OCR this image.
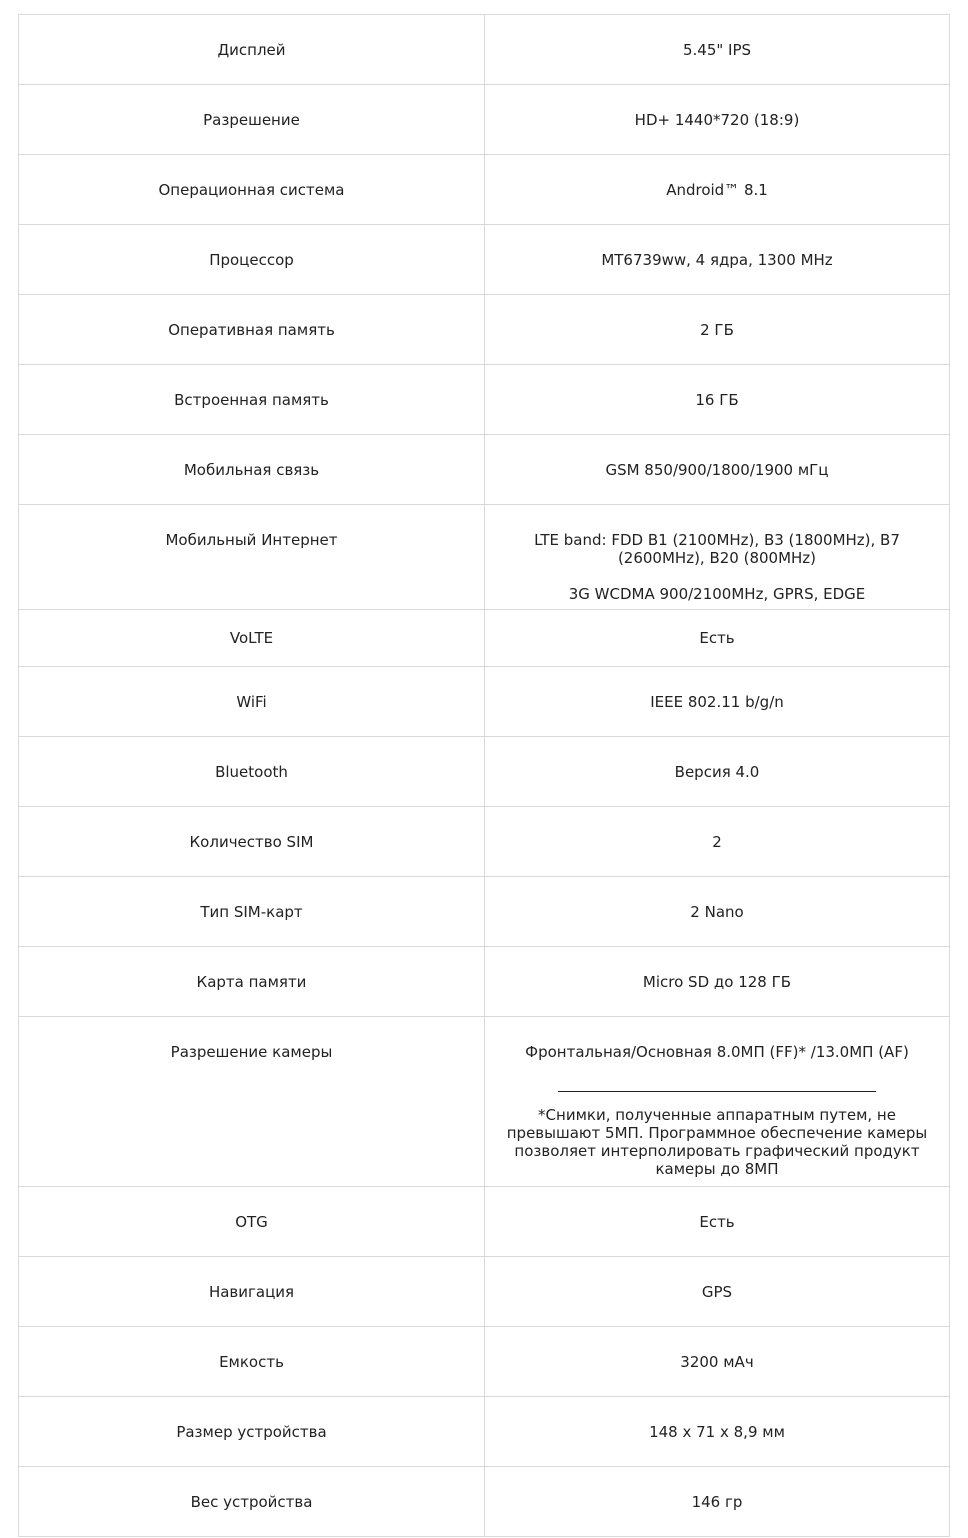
Дисплей	5.45" IPS
Разрешение	HD+ 1440*720 (18:9)
Операционная система	Android™ 8.1
Процессор	MT6739ww, 4 ядра, 1300 MHz
Оперативная память	2 ГБ
Встроенная память	16 ГБ
Мобильная связь	GSM 850/900/1800/1900 мГц
Мобильный Интернет	LTE band: FDD B1 (2100MHz), B3 (1800MHz), B7 (2600MHz), B20 (800MHz)

3G WCDMA 900/2100MHz, GPRS, EDGE

VoLTE	Есть
WiFi	IEEE 802.11 b/g/n
Bluetooth	Версия 4.0
Количество SIM	2
Тип SIM-карт	2 Nano
Карта памяти	Micro SD до 128 ГБ
Разрешение камеры	Фронтальная/Основная 8.0МП (FF)* /13.0МП (AF)

*Снимки, полученные аппаратным путем, не превышают 5МП. Программное обеспечение камеры позволяет интерполировать графический продукт камеры до 8МП

OTG	Есть
Навигация	GPS
Емкость	3200 мАч
Размер устройства	148 x 71 x 8,9 мм
Вес устройства	146 гр
